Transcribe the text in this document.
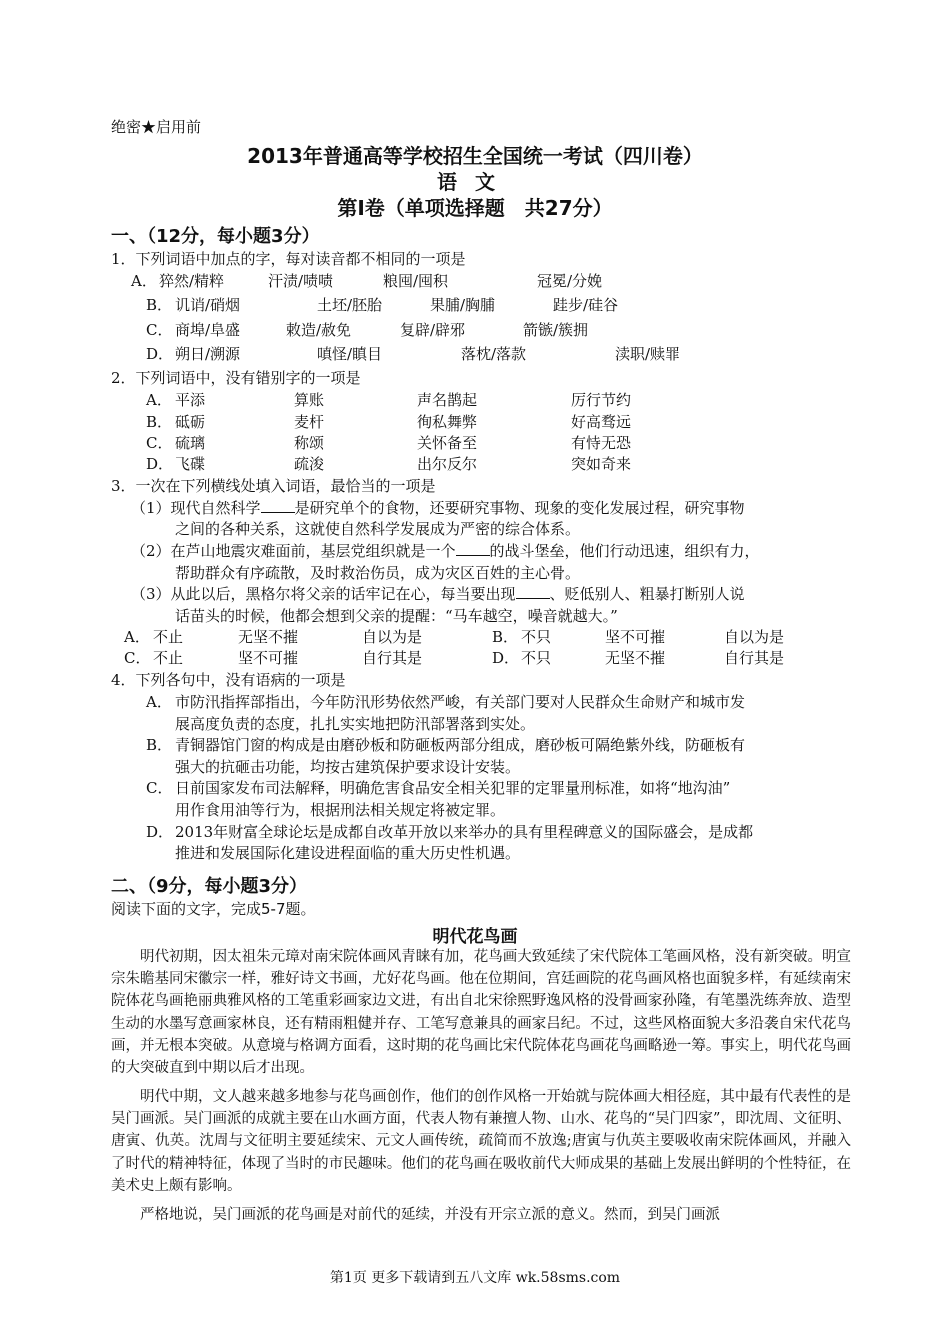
绝密★启用前
2013年普通高等学校招生全国统一考试（四川卷）
语文
第Ⅰ卷（单项选择题　共27分）
一、（12分，每小题3分）
1．下列词语中加点的字，每对读音都不相同的一项是
A． 猝然/精粹	汗渍/啧啧	粮囤/囤积	冠冕/分娩
B． 讥诮/硝烟	土坯/胚胎	果脯/胸脯	跬步/硅谷
C． 商埠/阜盛	敕造/赦免	复辟/辟邪	箭镞/簇拥
D． 朔日/溯源	嗔怪/瞋目	落枕/落款	渎职/赎罪
2．下列词语中，没有错别字的一项是
A． 平添	算账	声名鹊起	厉行节约
B． 砥砺	麦杆	徇私舞弊	好高骛远
C． 硫璃	称颂	关怀备至	有恃无恐
D． 飞碟	疏浚	出尔反尔	突如奇来
3．一次在下列横线处填入词语，最恰当的一项是
（1）现代自然科学 是研究单个的食物，还要研究事物、现象的变化发展过程，研究事物
之间的各种关系，这就使自然科学发展成为严密的综合体系。
（2）在芦山地震灾难面前，基层党组织就是一个 的战斗堡垒，他们行动迅速，组织有力，
帮助群众有序疏散，及时救治伤员，成为灾区百姓的主心骨。
（3）从此以后，黑格尔将父亲的话牢记在心，每当要出现 、贬低别人、粗暴打断别人说
话苗头的时候，他都会想到父亲的提醒：“马车越空，噪音就越大。”
A． 不止	无坚不摧	自以为是	B． 不只	坚不可摧	自以为是
C． 不止	坚不可摧	自行其是	D． 不只	无坚不摧	自行其是
4．下列各句中，没有语病的一项是
A． 市防汛指挥部指出，今年防汛形势依然严峻，有关部门要对人民群众生命财产和城市发
展高度负责的态度，扎扎实实地把防汛部署落到实处。
B． 青铜器馆门窗的构成是由磨砂板和防砸板两部分组成，磨砂板可隔绝紫外线，防砸板有
强大的抗砸击功能，均按古建筑保护要求设计安装。
C． 日前国家发布司法解释，明确危害食品安全相关犯罪的定罪量刑标准，如将“地沟油”
用作食用油等行为，根据刑法相关规定将被定罪。
D． 2013年财富全球论坛是成都自改革开放以来举办的具有里程碑意义的国际盛会，是成都
推进和发展国际化建设进程面临的重大历史性机遇。
二、（9分，每小题3分）
阅读下面的文字，完成5-7题。
明代花鸟画
　　明代初期，因太祖朱元璋对南宋院体画风青睐有加，花鸟画大致延续了宋代院体工笔画风格，没有新突破。明宣宗朱瞻基同宋徽宗一样，雅好诗文书画，尤好花鸟画。他在位期间，宫廷画院的花鸟画风格也面貌多样，有延续南宋院体花鸟画艳丽典雅风格的工笔重彩画家边文进，有出自北宋徐熙野逸风格的没骨画家孙隆，有笔墨洗练奔放、造型生动的水墨写意画家林良，还有精雨粗健并存、工笔写意兼具的画家吕纪。不过，这些风格面貌大多沿袭自宋代花鸟画，并无根本突破。从意境与格调方面看，这时期的花鸟画比宋代院体花鸟画花鸟画略逊一筹。事实上，明代花鸟画的大突破直到中期以后才出现。
　　明代中期，文人越来越多地参与花鸟画创作，他们的创作风格一开始就与院体画大相径庭，其中最有代表性的是吴门画派。吴门画派的成就主要在山水画方面，代表人物有兼擅人物、山水、花鸟的“吴门四家”，即沈周、文征明、唐寅、仇英。沈周与文征明主要延续宋、元文人画传统，疏简而不放逸;唐寅与仇英主要吸收南宋院体画风，并融入了时代的精神特征，体现了当时的市民趣味。他们的花鸟画在吸收前代大师成果的基础上发展出鲜明的个性特征，在美术史上颇有影响。
　　严格地说，吴门画派的花鸟画是对前代的延续，并没有开宗立派的意义。然而，到吴门画派
第1页 更多下载请到五八文库 wk.58sms.com
